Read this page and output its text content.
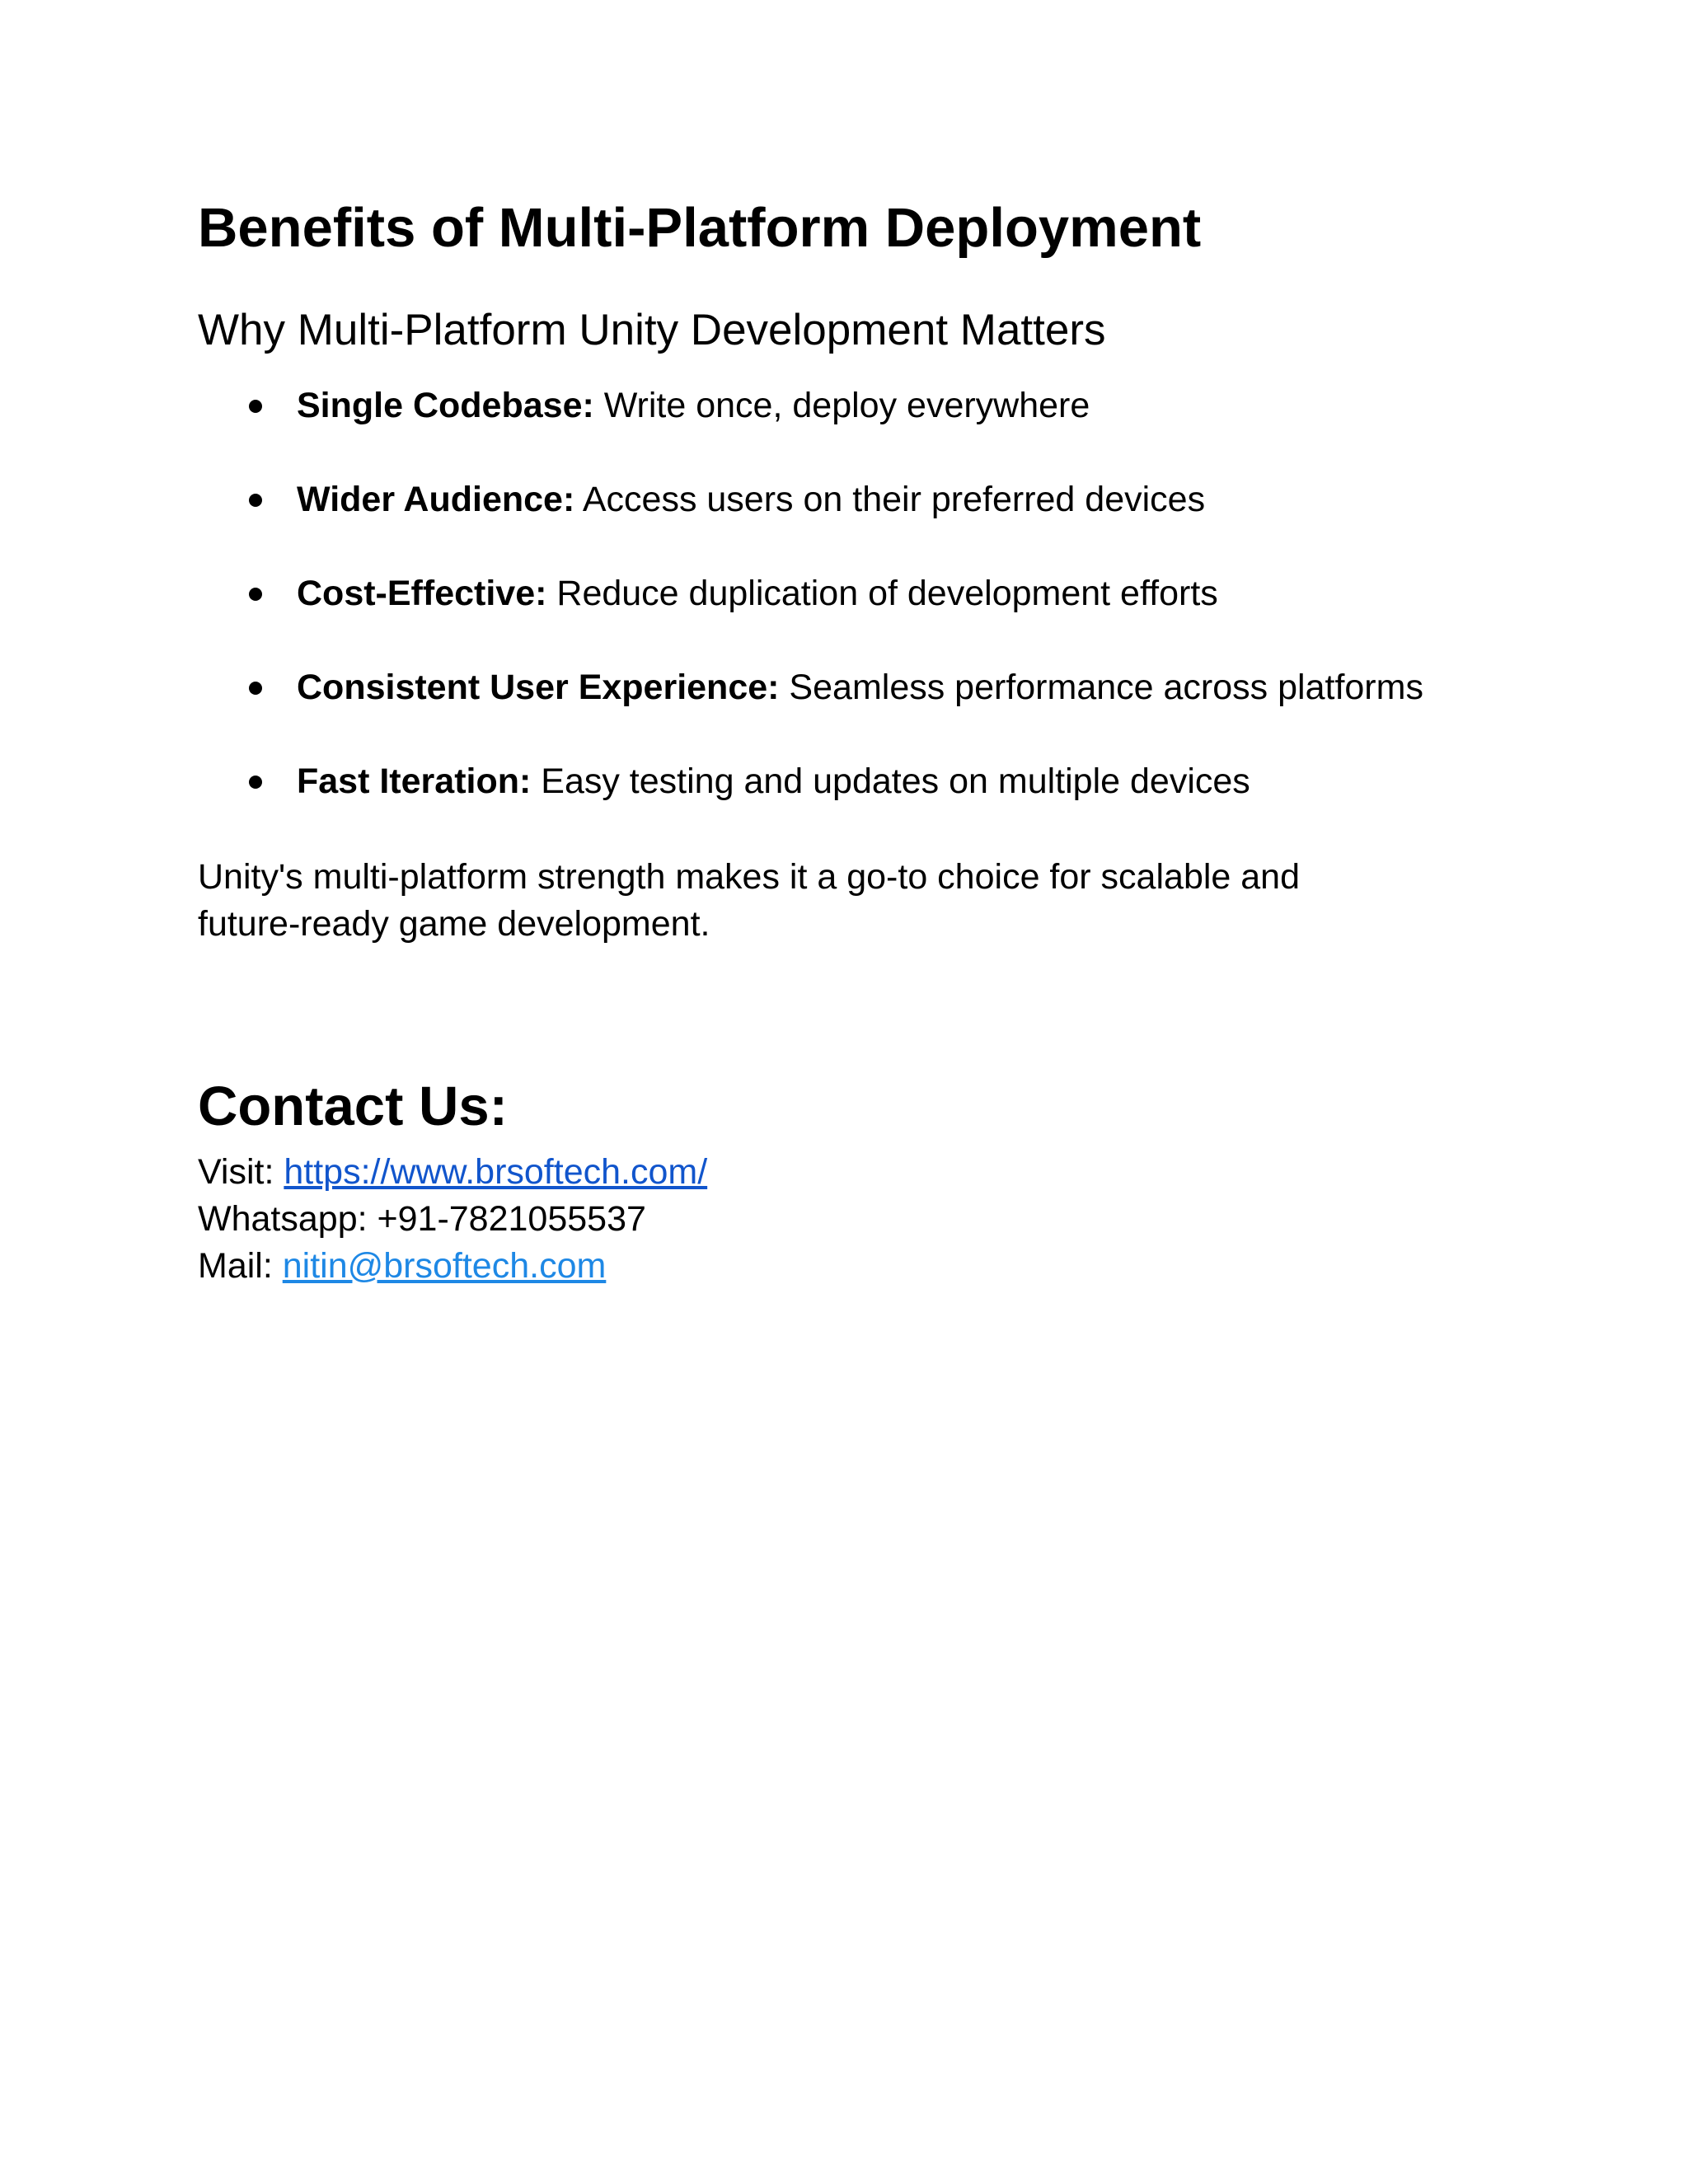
Benefits of Multi-Platform Deployment
Why Multi-Platform Unity Development Matters
Single Codebase: Write once, deploy everywhere
Wider Audience: Access users on their preferred devices
Cost-Effective: Reduce duplication of development efforts
Consistent User Experience: Seamless performance across platforms
Fast Iteration: Easy testing and updates on multiple devices

Unity's multi-platform strength makes it a go-to choice for scalable and future-ready game development.

Contact Us:

Visit: https://www.brsoftech.com/

Whatsapp: +91-7821055537

Mail: nitin@brsoftech.com
